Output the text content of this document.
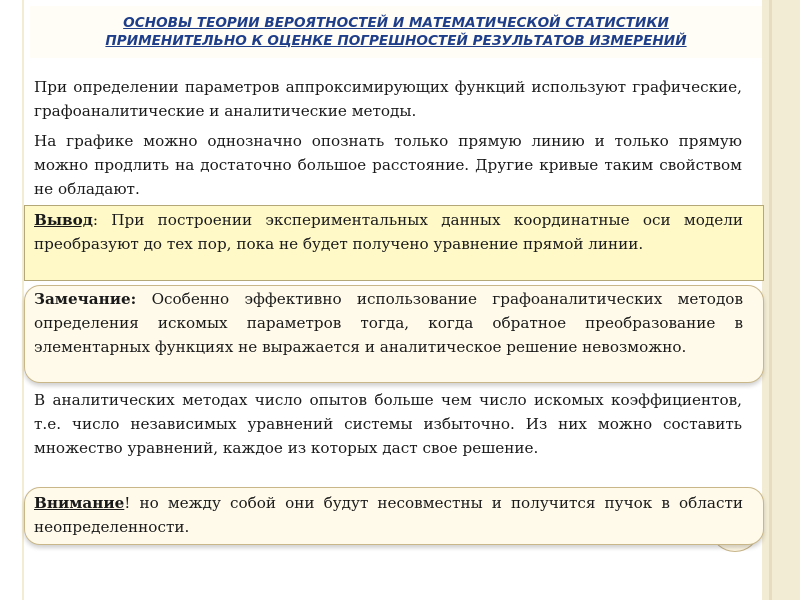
ОСНОВЫ ТЕОРИИ ВЕРОЯТНОСТЕЙ И МАТЕМАТИЧЕСКОЙ СТАТИСТИКИ
ПРИМЕНИТЕЛЬНО К ОЦЕНКЕ ПОГРЕШНОСТЕЙ РЕЗУЛЬТАТОВ ИЗМЕРЕНИЙ

При определении параметров аппроксимирующих функций используют графические, графоаналитические и аналитические методы.

На графике можно однозначно опознать только прямую линию и только прямую можно продлить на достаточно большое расстояние. Другие кривые таким свойством не обладают.

Вывод: При построении экспериментальных данных координатные оси модели преобразуют до тех пор, пока не будет получено уравнение прямой линии.

Замечание: Особенно эффективно использование графоаналитических методов определения искомых параметров тогда, когда обратное преобразование в элементарных функциях не выражается и аналитическое решение невозможно.

В аналитических методах число опытов больше чем число искомых коэффициентов, т.е. число независимых уравнений системы избыточно. Из них можно составить множество уравнений, каждое из которых даст свое решение.

Внимание! но между собой они будут несовместны и получится пучок в области неопределенности.
